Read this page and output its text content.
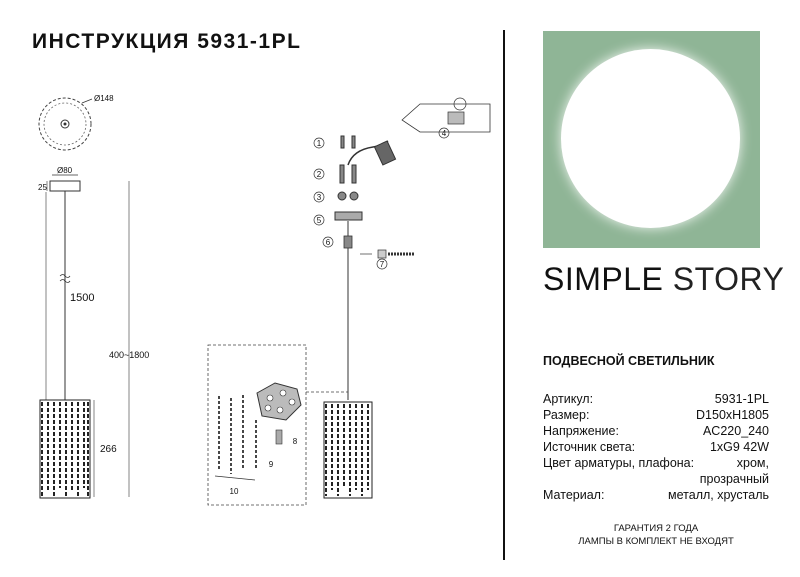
ИНСТРУКЦИЯ 5931-1PL
Ø148
Ø80
25
1500
400~1800
266
1
2
3
4
5
6
7
8
9
10
SIMPLE STORY
ПОДВЕСНОЙ СВЕТИЛЬНИК
Артикул:	5931-1PL
Размер:	D150xH1805
Напряжение:	AC220_240
Источник света:	1xG9 42W
Цвет арматуры, плафона:	хром,
прозрачный
Материал:	металл, хрусталь
ГАРАНТИЯ 2 ГОДА
ЛАМПЫ В КОМПЛЕКТ НЕ ВХОДЯТ
